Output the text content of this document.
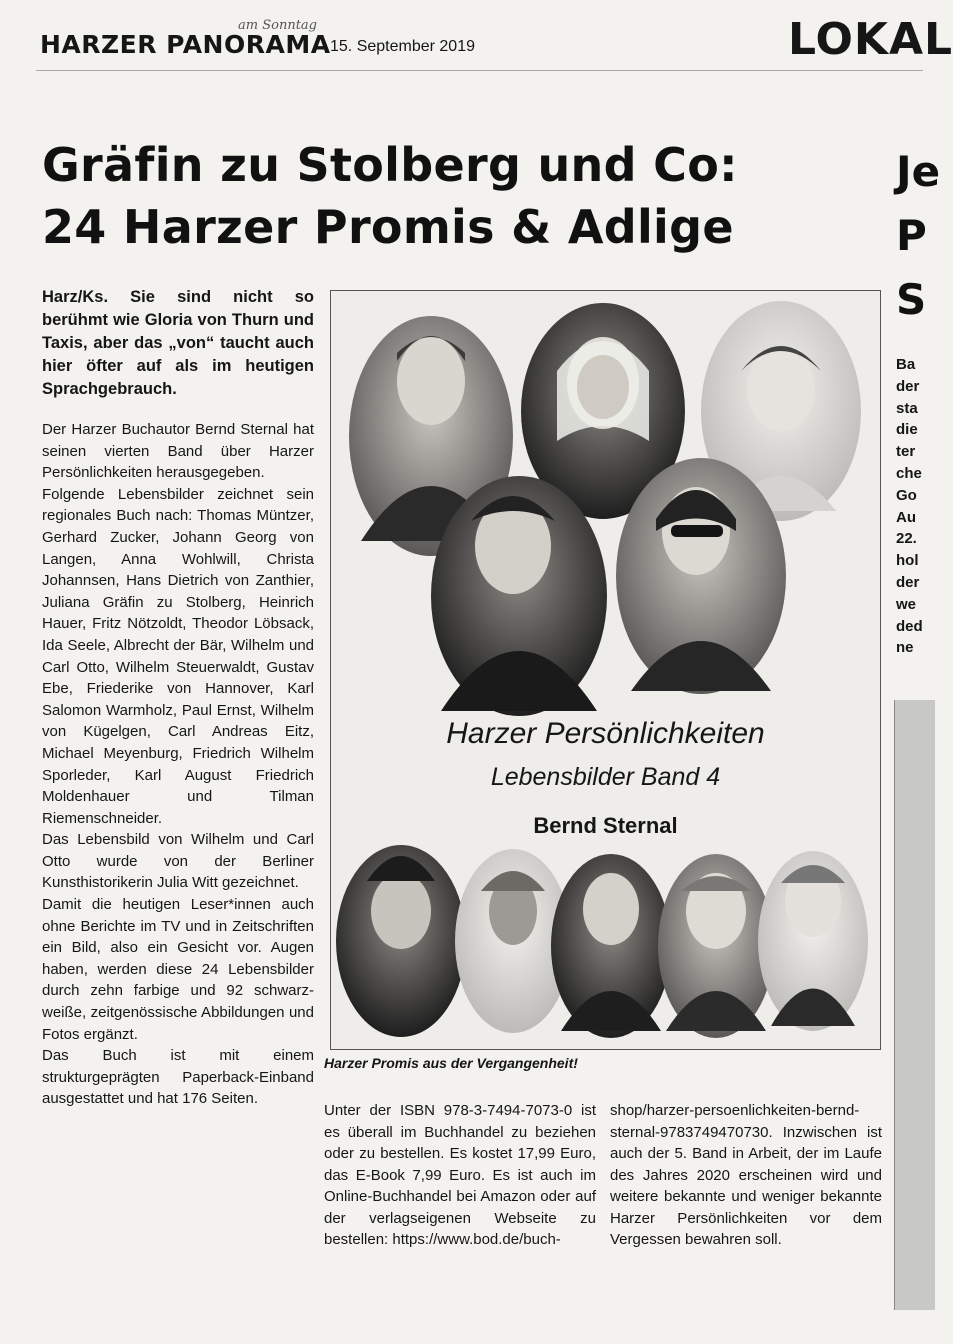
HARZER PANORAMA
am Sonntag
15. September 2019	LOKAL
Gräfin zu Stolberg und Co:
24 Harzer Promis & Adlige
Je
P
S

Harz/Ks. Sie sind nicht so berühmt wie Gloria von Thurn und Taxis, aber das „von“ taucht auch hier öfter auf als im heutigen Sprachgebrauch.

Der Harzer Buchautor Bernd Sternal hat seinen vierten Band über Harzer Persönlichkeiten herausgegeben.

Folgende Lebensbilder zeichnet sein regionales Buch nach: Thomas Müntzer, Gerhard Zucker, Johann Georg von Langen, Anna Wohlwill, Christa Johannsen, Hans Dietrich von Zanthier, Juliana Gräfin zu Stolberg, Heinrich Hauer, Fritz Nötzoldt, Theodor Löbsack, Ida Seele, Albrecht der Bär, Wilhelm und Carl Otto, Wilhelm Steuerwaldt, Gustav Ebe, Friederike von Hannover, Karl Salomon Warmholz, Paul Ernst, Wilhelm von Kügelgen, Carl Andreas Eitz, Michael Meyenburg, Friedrich Wilhelm Sporleder, Karl August Friedrich Moldenhauer und Tilman Riemenschneider.

Das Lebensbild von Wilhelm und Carl Otto wurde von der Berliner Kunsthistorikerin Julia Witt gezeichnet.

Damit die heutigen Leser*innen auch ohne Berichte im TV und in Zeitschriften ein Bild, also ein Gesicht vor. Augen haben, werden diese 24 Lebensbilder durch zehn farbige und 92 schwarz-weiße, zeitgenössische Abbildungen und Fotos ergänzt.

Das Buch ist mit einem strukturgeprägten Paperback-Einband ausgestattet und hat 176 Seiten.

Harzer Persönlichkeiten
Lebensbilder Band 4
Bernd Sternal
Harzer Promis aus der Vergangenheit!

Unter der ISBN 978-3-7494-7073-0 ist es überall im Buchhandel zu beziehen oder zu bestellen. Es kostet 17,99 Euro, das E-Book 7,99 Euro. Es ist auch im Online-Buchhandel bei Amazon oder auf der verlagseigenen Webseite zu bestellen: https://www.bod.de/buch-

shop/harzer-persoenlichkeiten-bernd-sternal-9783749470730. Inzwischen ist auch der 5. Band in Arbeit, der im Laufe des Jahres 2020 erscheinen wird und weitere bekannte und weniger bekannte Harzer Persönlichkeiten vor dem Vergessen bewahren soll.

Ba
der
sta
die
ter
che
Go
Au
22.
hol
der
we
ded
ne
